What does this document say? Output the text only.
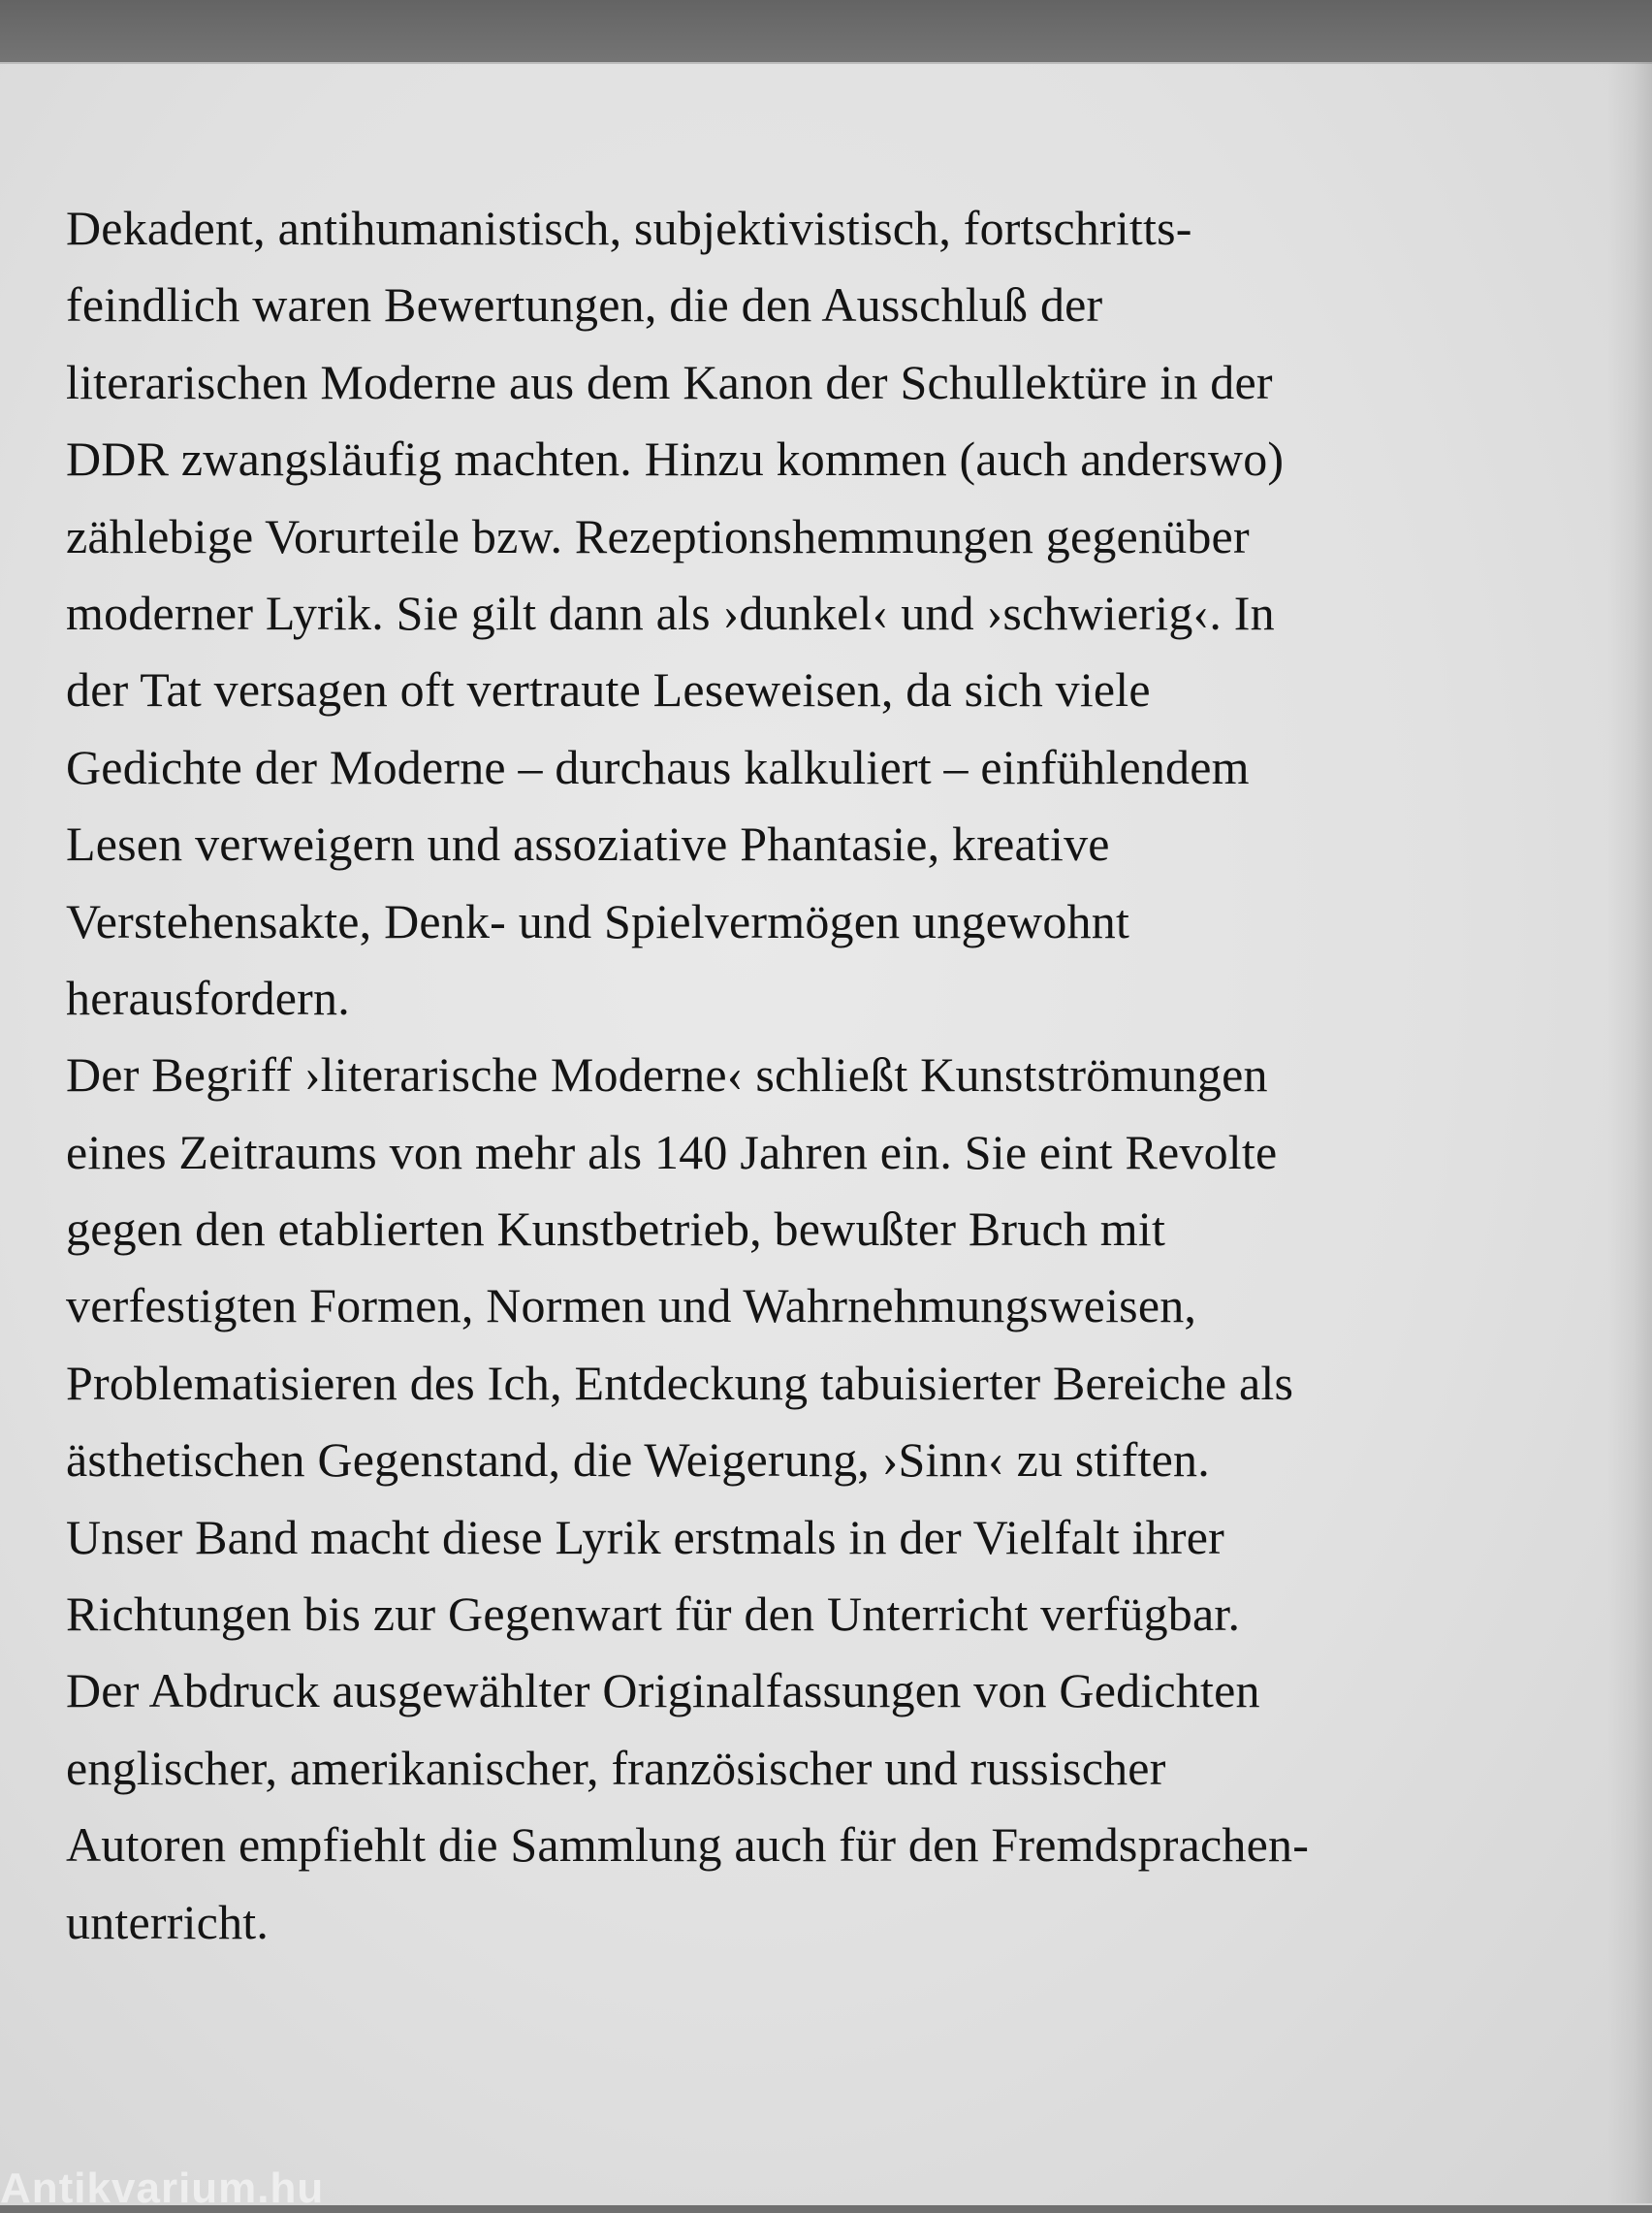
Dekadent, antihumanistisch, subjektivistisch, fortschritts-
feindlich waren Bewertungen, die den Ausschluß der
literarischen Moderne aus dem Kanon der Schullektüre in der
DDR zwangsläufig machten. Hinzu kommen (auch anderswo)
zählebige Vorurteile bzw. Rezeptionshemmungen gegenüber
moderner Lyrik. Sie gilt dann als ›dunkel‹ und ›schwierig‹. In
der Tat versagen oft vertraute Leseweisen, da sich viele
Gedichte der Moderne – durchaus kalkuliert – einfühlendem
Lesen verweigern und assoziative Phantasie, kreative
Verstehensakte, Denk- und Spielvermögen ungewohnt
herausfordern.
Der Begriff ›literarische Moderne‹ schließt Kunstströmungen
eines Zeitraums von mehr als 140 Jahren ein. Sie eint Revolte
gegen den etablierten Kunstbetrieb, bewußter Bruch mit
verfestigten Formen, Normen und Wahrnehmungsweisen,
Problematisieren des Ich, Entdeckung tabuisierter Bereiche als
ästhetischen Gegenstand, die Weigerung, ›Sinn‹ zu stiften.
Unser Band macht diese Lyrik erstmals in der Vielfalt ihrer
Richtungen bis zur Gegenwart für den Unterricht verfügbar.
Der Abdruck ausgewählter Originalfassungen von Gedichten
englischer, amerikanischer, französischer und russischer
Autoren empfiehlt die Sammlung auch für den Fremdsprachen-
unterricht.
Antikvarium.hu
